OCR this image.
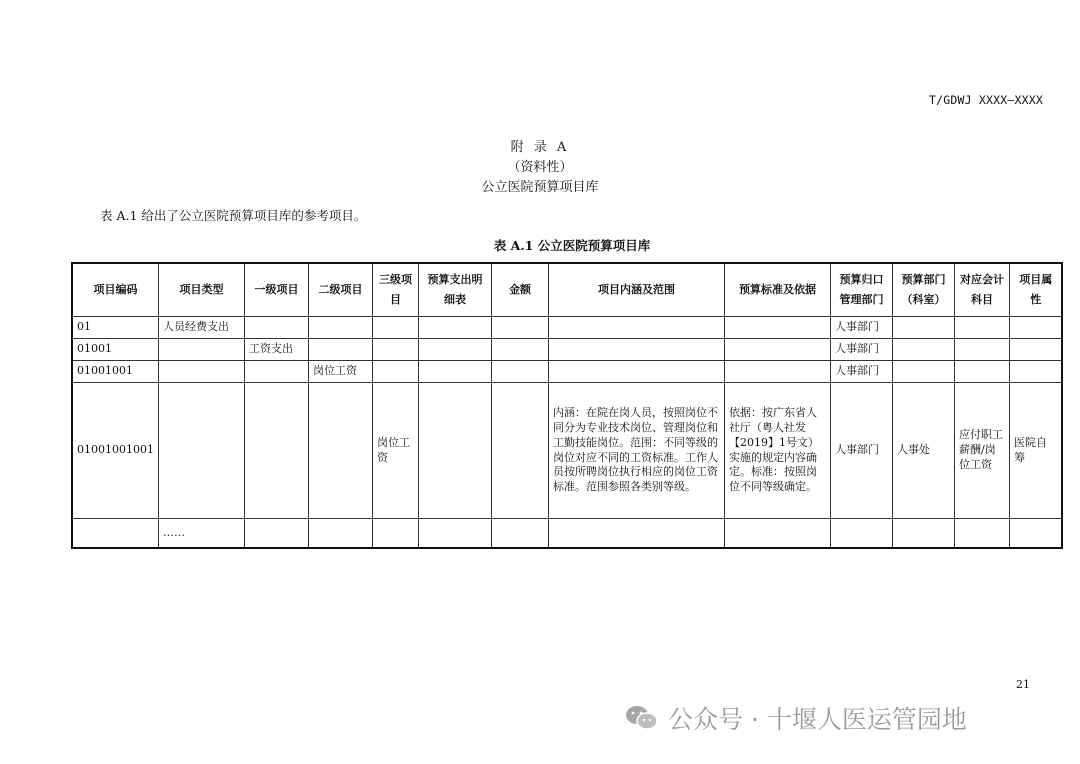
T/GDWJ XXXX—XXXX
附 录 A
（资料性）
公立医院预算项目库
表 A.1 给出了公立医院预算项目库的参考项目。
表 A.1 公立医院预算项目库
项目编码	项目类型	一级项目	二级项目	三级项目	预算支出明细表	金额	项目内涵及范围	预算标准及依据	预算归口管理部门	预算部门（科室）	对应会计科目	项目属性
01	人员经费支出								人事部门			
01001		工资支出							人事部门			
01001001			岗位工资						人事部门			
01001001001				岗位工资			内涵：在院在岗人员，按照岗位不同分为专业技术岗位、管理岗位和工勤技能岗位。范围：不同等级的岗位对应不同的工资标准。工作人员按所聘岗位执行相应的岗位工资标准。范围参照各类别等级。	依据：按广东省人社厅（粤人社发【2019】1号文）实施的规定内容确定。标准：按照岗位不同等级确定。	人事部门	人事处	应付职工薪酬/岗位工资	医院自筹
	……											
21
公众号 · 十堰人医运管园地
